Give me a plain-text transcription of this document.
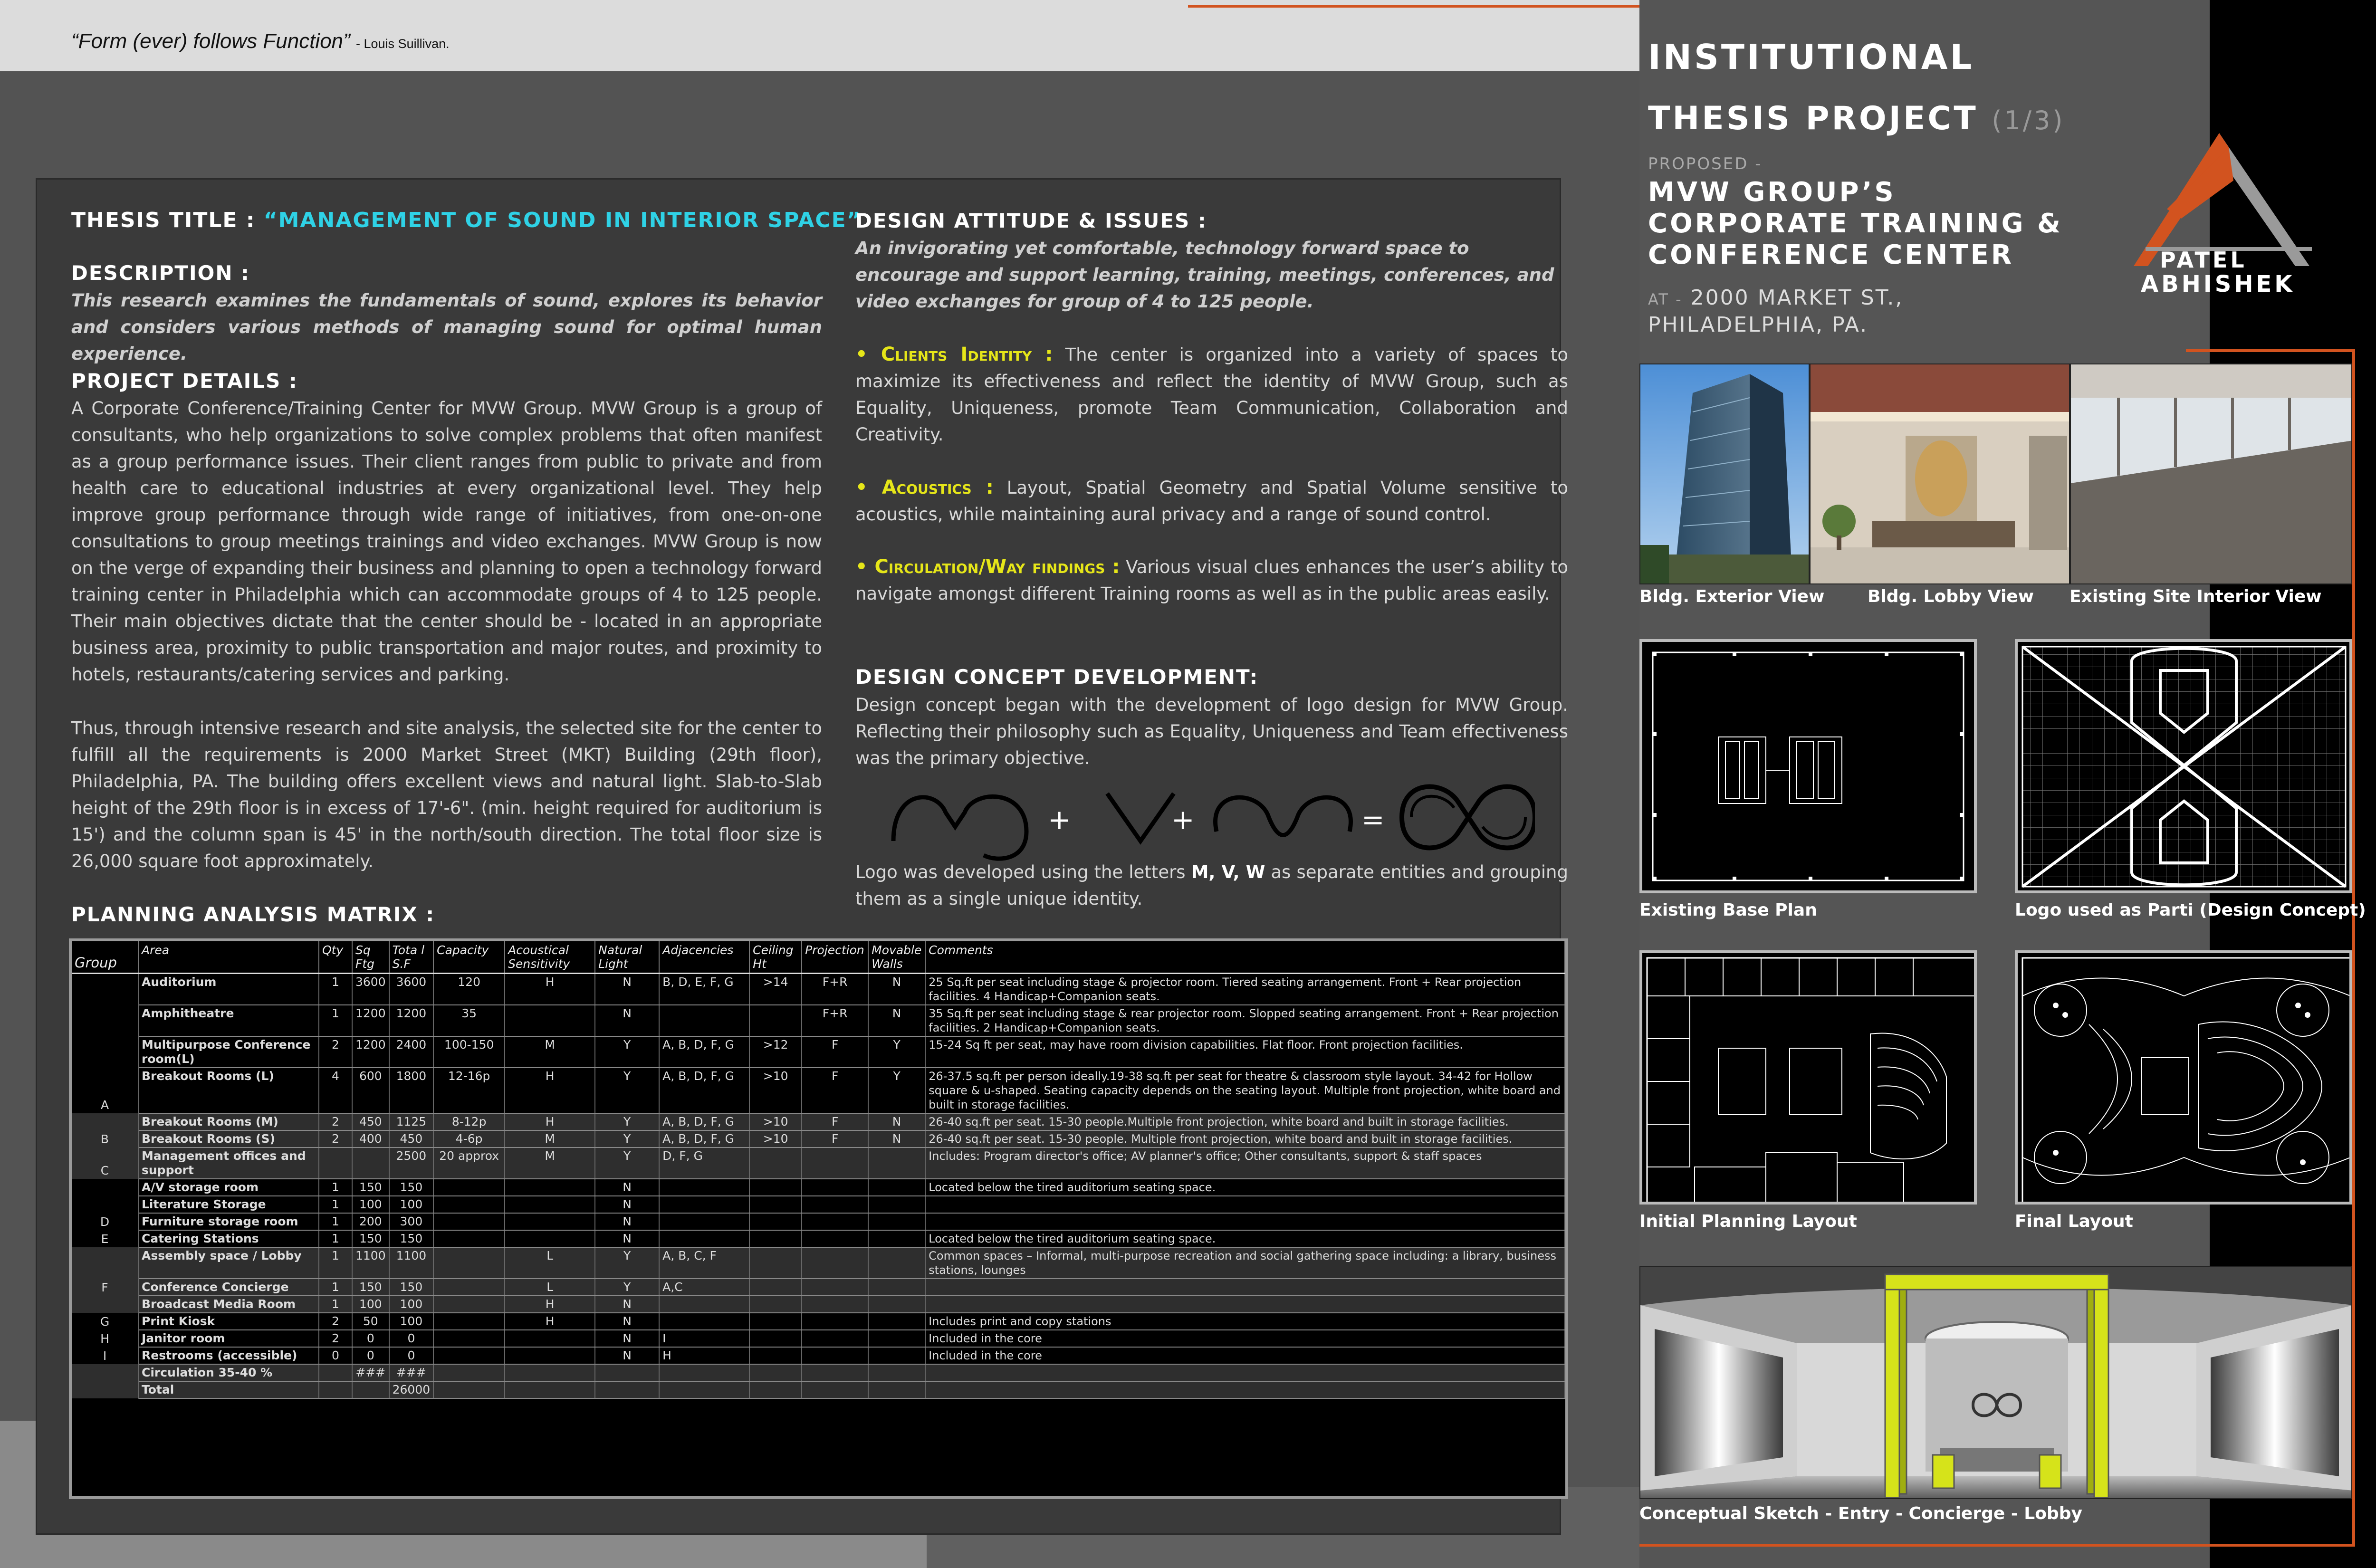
“Form (ever) follows Function” - Louis Suillivan.	INSTITUTIONAL
THESIS PROJECT (1/3)
PROPOSED -
MVW GROUP’S
CORPORATE TRAINING &
CONFERENCE CENTER
AT - 2000 MARKET ST.,
PHILADELPHIA, PA.
PATEL
ABHISHEK
THESIS TITLE : “MANAGEMENT OF SOUND IN INTERIOR SPACE”
DESCRIPTION :
This research examines the fundamentals of sound, explores its behavior and considers various methods of managing sound for optimal human experience.
PROJECT DETAILS :
A Corporate Conference/Training Center for MVW Group. MVW Group is a group of consultants, who help organizations to solve complex problems that often manifest as a group performance issues. Their client ranges from public to private and from health care to educational industries at every organizational level. They help improve group performance through wide range of initiatives, from one-on-one consultations to group meetings trainings and video exchanges. MVW Group is now on the verge of expanding their business and planning to open a technology forward training center in Philadelphia which can accommodate groups of 4 to 125 people. Their main objectives dictate that the center should be - located in an appropriate business area, proximity to public transportation and major routes, and proximity to hotels, restaurants/catering services and parking.
Thus, through intensive research and site analysis, the selected site for the center to fulfill all the requirements is 2000 Market Street (MKT) Building (29th floor), Philadelphia, PA. The building offers excellent views and natural light. Slab-to-Slab height of the 29th floor is in excess of 17'-6". (min. height required for auditorium is 15') and the column span is 45' in the north/south direction. The total floor size is 26,000 square foot approximately.
PLANNING ANALYSIS MATRIX :
DESIGN ATTITUDE & ISSUES :
An invigorating yet comfortable, technology forward space to encourage and support learning, training, meetings, conferences, and video exchanges for group of 4 to 125 people.
• Clients Identity : The center is organized into a variety of spaces to maximize its effectiveness and reflect the identity of MVW Group, such as Equality, Uniqueness, promote Team Communication, Collaboration and Creativity.
• Acoustics : Layout, Spatial Geometry and Spatial Volume sensitive to acoustics, while maintaining aural privacy and a range of sound control.
• Circulation/Way findings : Various visual clues enhances the user’s ability to navigate amongst different Training rooms as well as in the public areas easily.
DESIGN CONCEPT DEVELOPMENT:
Design concept began with the development of logo design for MVW Group. Reflecting their philosophy such as Equality, Uniqueness and Team effectiveness was the primary objective.
+	+	=
Logo was developed using the letters M, V, W as separate entities and grouping them as a single unique identity.
Group	Area	Qty	Sq Ftg	Tota l S.F	Capacity	Acoustical Sensitivity	Natural Light	Adjacencies	Ceiling Ht	Projection	Movable Walls	Comments
	Auditorium	1	3600	3600	120	H	N	B, D, E, F, G	>14	F+R	N	25 Sq.ft per seat including stage & projector room. Tiered seating arrangement. Front + Rear projection facilities. 4 Handicap+Companion seats.
	Amphitheatre	1	1200	1200	35		N			F+R	N	35 Sq.ft per seat including stage & rear projector room. Slopped seating arrangement. Front + Rear projection facilities. 2 Handicap+Companion seats.
	Multipurpose Conference room(L)	2	1200	2400	100-150	M	Y	A, B, D, F, G	>12	F	Y	15-24 Sq ft per seat, may have room division capabilities. Flat floor. Front projection facilities.
A	Breakout Rooms (L)	4	600	1800	12-16p	H	Y	A, B, D, F, G	>10	F	Y	26-37.5 sq.ft per person ideally.19-38 sq.ft per seat for theatre & classroom style layout. 34-42 for Hollow square & u-shaped. Seating capacity depends on the seating layout. Multiple front projection, white board and built in storage facilities.
	Breakout Rooms (M)	2	450	1125	8-12p	H	Y	A, B, D, F, G	>10	F	N	26-40 sq.ft per seat. 15-30 people.Multiple front projection, white board and built in storage facilities.
B	Breakout Rooms (S)	2	400	450	4-6p	M	Y	A, B, D, F, G	>10	F	N	26-40 sq.ft per seat. 15-30 people. Multiple front projection, white board and built in storage facilities.
C	Management offices and support			2500	20 approx	M	Y	D, F, G				Includes: Program director's office; AV planner's office; Other consultants, support & staff spaces
	A/V storage room	1	150	150			N					Located below the tired auditorium seating space.
	Literature Storage	1	100	100			N					
D	Furniture storage room	1	200	300			N					
E	Catering Stations	1	150	150			N					Located below the tired auditorium seating space.
	Assembly space / Lobby	1	1100	1100		L	Y	A, B, C, F				Common spaces – Informal, multi-purpose recreation and social gathering space including: a library, business stations, lounges
F	Conference Concierge	1	150	150		L	Y	A,C				
	Broadcast Media Room	1	100	100		H	N					
G	Print Kiosk	2	50	100		H	N					Includes print and copy stations
H	Janitor room	2	0	0			N	I				Included in the core
I	Restrooms (accessible)	0	0	0			N	H				Included in the core
	Circulation 35-40 %		###	###								
	Total			26000								
Bldg. Exterior View	Bldg. Lobby View Existing Site Interior View
Existing Base Plan	Logo used as Parti (Design Concept)
Initial Planning Layout	Final Layout
Conceptual Sketch - Entry - Concierge - Lobby
